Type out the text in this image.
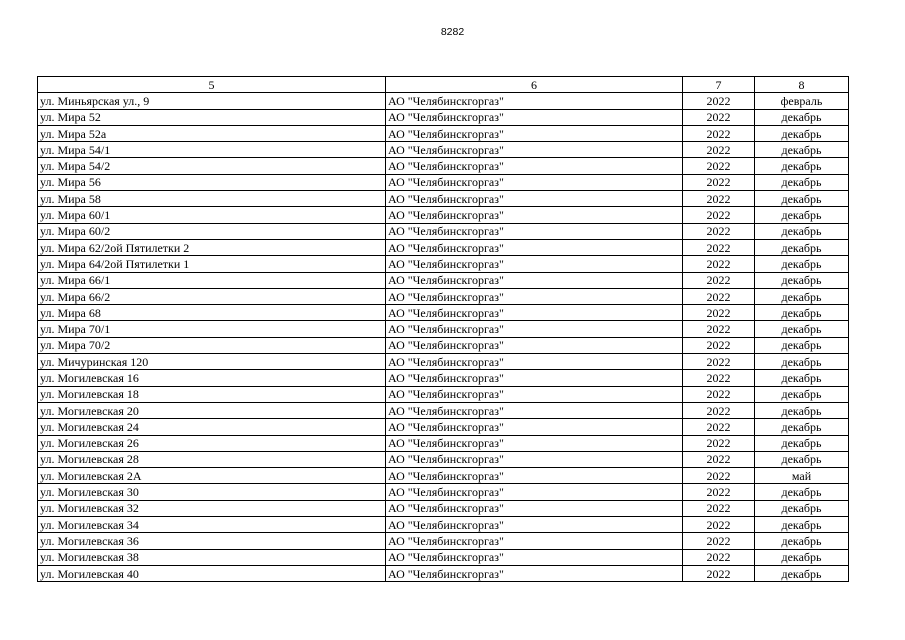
8282
5	6	7	8
ул. Миньярская ул., 9	АО "Челябинскгоргаз"	2022	февраль
ул. Мира 52	АО "Челябинскгоргаз"	2022	декабрь
ул. Мира 52а	АО "Челябинскгоргаз"	2022	декабрь
ул. Мира 54/1	АО "Челябинскгоргаз"	2022	декабрь
ул. Мира 54/2	АО "Челябинскгоргаз"	2022	декабрь
ул. Мира 56	АО "Челябинскгоргаз"	2022	декабрь
ул. Мира 58	АО "Челябинскгоргаз"	2022	декабрь
ул. Мира 60/1	АО "Челябинскгоргаз"	2022	декабрь
ул. Мира 60/2	АО "Челябинскгоргаз"	2022	декабрь
ул. Мира 62/2ой Пятилетки 2	АО "Челябинскгоргаз"	2022	декабрь
ул. Мира 64/2ой Пятилетки 1	АО "Челябинскгоргаз"	2022	декабрь
ул. Мира 66/1	АО "Челябинскгоргаз"	2022	декабрь
ул. Мира 66/2	АО "Челябинскгоргаз"	2022	декабрь
ул. Мира 68	АО "Челябинскгоргаз"	2022	декабрь
ул. Мира 70/1	АО "Челябинскгоргаз"	2022	декабрь
ул. Мира 70/2	АО "Челябинскгоргаз"	2022	декабрь
ул. Мичуринская 120	АО "Челябинскгоргаз"	2022	декабрь
ул. Могилевская 16	АО "Челябинскгоргаз"	2022	декабрь
ул. Могилевская 18	АО "Челябинскгоргаз"	2022	декабрь
ул. Могилевская 20	АО "Челябинскгоргаз"	2022	декабрь
ул. Могилевская 24	АО "Челябинскгоргаз"	2022	декабрь
ул. Могилевская 26	АО "Челябинскгоргаз"	2022	декабрь
ул. Могилевская 28	АО "Челябинскгоргаз"	2022	декабрь
ул. Могилевская 2А	АО "Челябинскгоргаз"	2022	май
ул. Могилевская 30	АО "Челябинскгоргаз"	2022	декабрь
ул. Могилевская 32	АО "Челябинскгоргаз"	2022	декабрь
ул. Могилевская 34	АО "Челябинскгоргаз"	2022	декабрь
ул. Могилевская 36	АО "Челябинскгоргаз"	2022	декабрь
ул. Могилевская 38	АО "Челябинскгоргаз"	2022	декабрь
ул. Могилевская 40	АО "Челябинскгоргаз"	2022	декабрь
